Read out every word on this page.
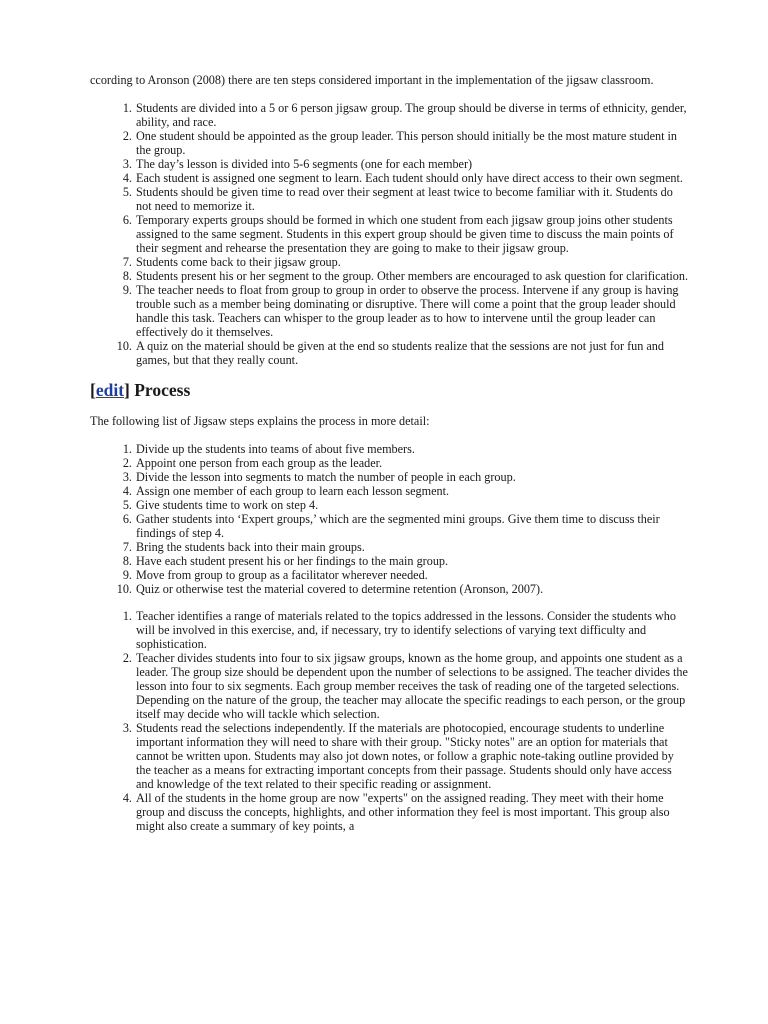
ccording to Aronson (2008) there are ten steps considered important in the implementation of the jigsaw classroom.

1. Students are divided into a 5 or 6 person jigsaw group. The group should be diverse in terms of ethnicity, gender, ability, and race.
2. One student should be appointed as the group leader. This person should initially be the most mature student in the group.
3. The day’s lesson is divided into 5-6 segments (one for each member)
4. Each student is assigned one segment to learn. Each tudent should only have direct access to their own segment.
5. Students should be given time to read over their segment at least twice to become familiar with it. Students do not need to memorize it.
6. Temporary experts groups should be formed in which one student from each jigsaw group joins other students assigned to the same segment. Students in this expert group should be given time to discuss the main points of their segment and rehearse the presentation they are going to make to their jigsaw group.
7. Students come back to their jigsaw group.
8. Students present his or her segment to the group. Other members are encouraged to ask question for clarification.
9. The teacher needs to float from group to group in order to observe the process. Intervene if any group is having trouble such as a member being dominating or disruptive. There will come a point that the group leader should handle this task. Teachers can whisper to the group leader as to how to intervene until the group leader can effectively do it themselves.
10. A quiz on the material should be given at the end so students realize that the sessions are not just for fun and games, but that they really count.
[edit] Process

The following list of Jigsaw steps explains the process in more detail:

1. Divide up the students into teams of about five members.
2. Appoint one person from each group as the leader.
3. Divide the lesson into segments to match the number of people in each group.
4. Assign one member of each group to learn each lesson segment.
5. Give students time to work on step 4.
6. Gather students into ‘Expert groups,’ which are the segmented mini groups. Give them time to discuss their findings of step 4.
7. Bring the students back into their main groups.
8. Have each student present his or her findings to the main group.
9. Move from group to group as a facilitator wherever needed.
10. Quiz or otherwise test the material covered to determine retention (Aronson, 2007).
1. Teacher identifies a range of materials related to the topics addressed in the lessons. Consider the students who will be involved in this exercise, and, if necessary, try to identify selections of varying text difficulty and sophistication.
2. Teacher divides students into four to six jigsaw groups, known as the home group, and appoints one student as a leader. The group size should be dependent upon the number of selections to be assigned. The teacher divides the lesson into four to six segments. Each group member receives the task of reading one of the targeted selections. Depending on the nature of the group, the teacher may allocate the specific readings to each person, or the group itself may decide who will tackle which selection.
3. Students read the selections independently. If the materials are photocopied, encourage students to underline important information they will need to share with their group. "Sticky notes" are an option for materials that cannot be written upon. Students may also jot down notes, or follow a graphic note-taking outline provided by the teacher as a means for extracting important concepts from their passage. Students should only have access and knowledge of the text related to their specific reading or assignment.
4. All of the students in the home group are now "experts" on the assigned reading. They meet with their home group and discuss the concepts, highlights, and other information they feel is most important. This group also might also create a summary of key points, a
